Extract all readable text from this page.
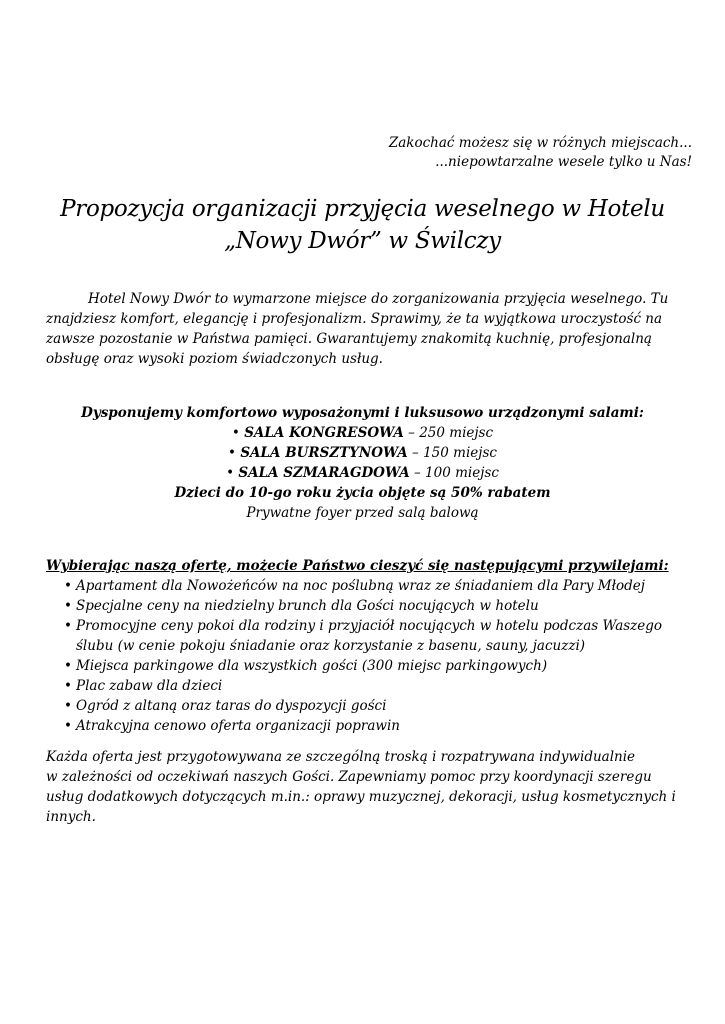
Zakochać możesz się w różnych miejscach...
...niepowtarzalne wesele tylko u Nas!
Propozycja organizacji przyjęcia weselnego w Hotelu
„Nowy Dwór” w Świlczy

Hotel Nowy Dwór to wymarzone miejsce do zorganizowania przyjęcia weselnego. Tu znajdziesz komfort, elegancję i profesjonalizm. Sprawimy, że ta wyjątkowa uroczystość na zawsze pozostanie w Państwa pamięci. Gwarantujemy znakomitą kuchnię, profesjonalną obsługę oraz wysoki poziom świadczonych usług.

Dysponujemy komfortowo wyposażonymi i luksusowo urządzonymi salami:
• SALA KONGRESOWA – 250 miejsc
• SALA BURSZTYNOWA – 150 miejsc
• SALA SZMARAGDOWA – 100 miejsc
Dzieci do 10-go roku życia objęte są 50% rabatem
Prywatne foyer przed salą balową
Wybierając naszą ofertę, możecie Państwo cieszyć się następującymi przywilejami:
• Apartament dla Nowożeńców na noc poślubną wraz ze śniadaniem dla Pary Młodej
• Specjalne ceny na niedzielny brunch dla Gości nocujących w hotelu
• Promocyjne ceny pokoi dla rodziny i przyjaciół nocujących w hotelu podczas Waszego ślubu (w cenie pokoju śniadanie oraz korzystanie z basenu, sauny, jacuzzi)
• Miejsca parkingowe dla wszystkich gości (300 miejsc parkingowych)
• Plac zabaw dla dzieci
• Ogród z altaną oraz taras do dyspozycji gości
• Atrakcyjna cenowo oferta organizacji poprawin
Każda oferta jest przygotowywana ze szczególną troską i rozpatrywana indywidualnie
w zależności od oczekiwań naszych Gości. Zapewniamy pomoc przy koordynacji szeregu usług dodatkowych dotyczących m.in.: oprawy muzycznej, dekoracji, usług kosmetycznych i innych.
